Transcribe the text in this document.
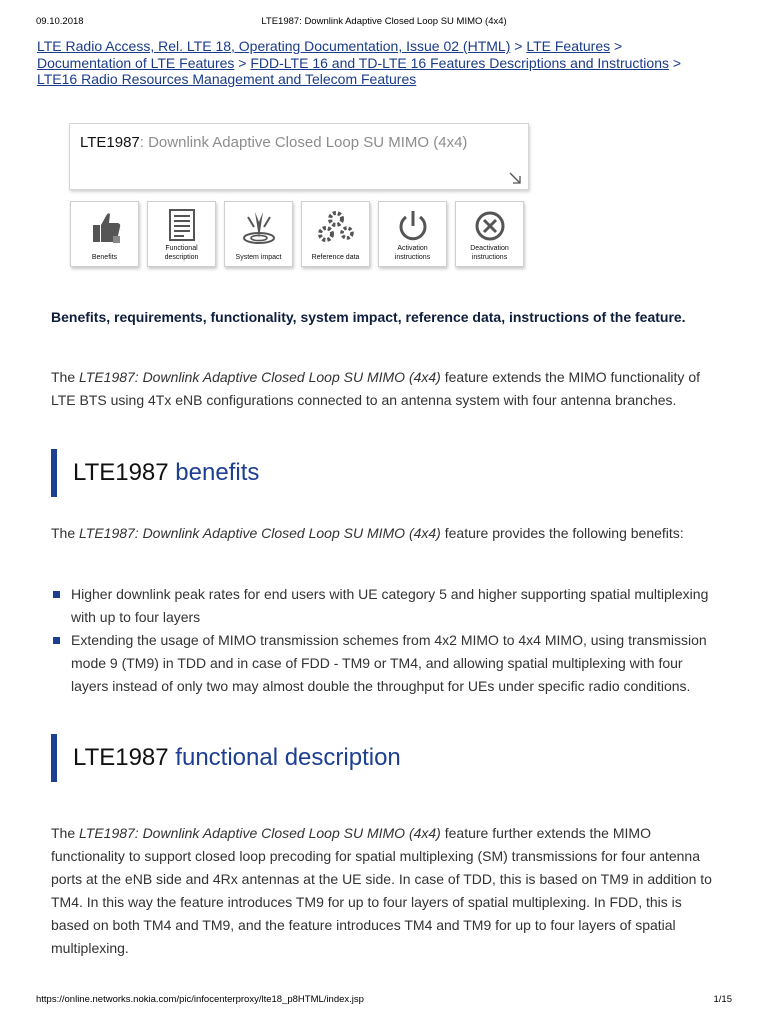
09.10.2018	LTE1987: Downlink Adaptive Closed Loop SU MIMO (4x4)
LTE Radio Access, Rel. LTE 18, Operating Documentation, Issue 02 (HTML) > LTE Features > Documentation of LTE Features > FDD-LTE 16 and TD-LTE 16 Features Descriptions and Instructions > LTE16 Radio Resources Management and Telecom Features
LTE1987: Downlink Adaptive Closed Loop SU MIMO (4x4)
Benefits
Functional description	System impact	Reference data
Activation instructions
Deactivation instructions
Benefits, requirements, functionality, system impact, reference data, instructions of the feature.
The LTE1987: Downlink Adaptive Closed Loop SU MIMO (4x4) feature extends the MIMO functionality of LTE BTS using 4Tx eNB configurations connected to an antenna system with four antenna branches.
LTE1987 benefits
The LTE1987: Downlink Adaptive Closed Loop SU MIMO (4x4) feature provides the following benefits:
Higher downlink peak rates for end users with UE category 5 and higher supporting spatial multiplexing with up to four layers
Extending the usage of MIMO transmission schemes from 4x2 MIMO to 4x4 MIMO, using transmission mode 9 (TM9) in TDD and in case of FDD - TM9 or TM4, and allowing spatial multiplexing with four layers instead of only two may almost double the throughput for UEs under specific radio conditions.
LTE1987 functional description
The LTE1987: Downlink Adaptive Closed Loop SU MIMO (4x4) feature further extends the MIMO functionality to support closed loop precoding for spatial multiplexing (SM) transmissions for four antenna ports at the eNB side and 4Rx antennas at the UE side. In case of TDD, this is based on TM9 in addition to TM4. In this way the feature introduces TM9 for up to four layers of spatial multiplexing. In FDD, this is based on both TM4 and TM9, and the feature introduces TM4 and TM9 for up to four layers of spatial multiplexing.
https://online.networks.nokia.com/pic/infocenterproxy/lte18_p8HTML/index.jsp	1/15
